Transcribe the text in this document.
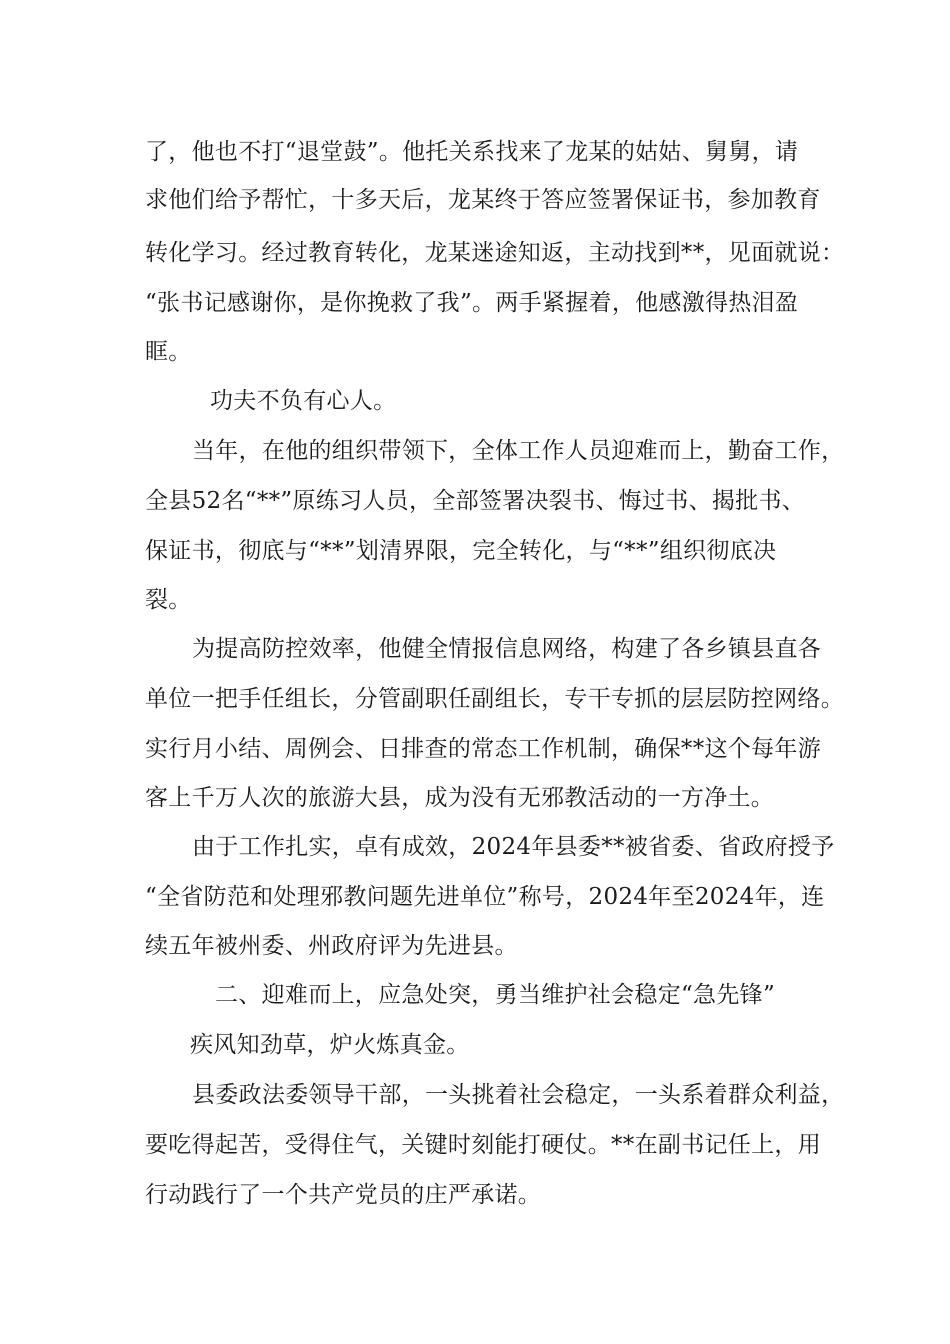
了，他也不打“退堂鼓”。他托关系找来了龙某的姑姑、舅舅，请
求他们给予帮忙，十多天后，龙某终于答应签署保证书，参加教育
转化学习。经过教育转化，龙某迷途知返，主动找到**，见面就说：
“张书记感谢你，是你挽救了我”。两手紧握着，他感激得热泪盈
眶。
功夫不负有心人。
当年，在他的组织带领下，全体工作人员迎难而上，勤奋工作，
全县52名“**”原练习人员，全部签署决裂书、悔过书、揭批书、
保证书，彻底与“**”划清界限，完全转化，与“**”组织彻底决
裂。
为提高防控效率，他健全情报信息网络，构建了各乡镇县直各
单位一把手任组长，分管副职任副组长，专干专抓的层层防控网络。
实行月小结、周例会、日排查的常态工作机制，确保**这个每年游
客上千万人次的旅游大县，成为没有无邪教活动的一方净土。
由于工作扎实，卓有成效，2024年县委**被省委、省政府授予
“全省防范和处理邪教问题先进单位”称号，2024年至2024年，连
续五年被州委、州政府评为先进县。
二、迎难而上，应急处突，勇当维护社会稳定“急先锋”
疾风知劲草，炉火炼真金。
县委政法委领导干部，一头挑着社会稳定，一头系着群众利益，
要吃得起苦，受得住气，关键时刻能打硬仗。**在副书记任上，用
行动践行了一个共产党员的庄严承诺。
